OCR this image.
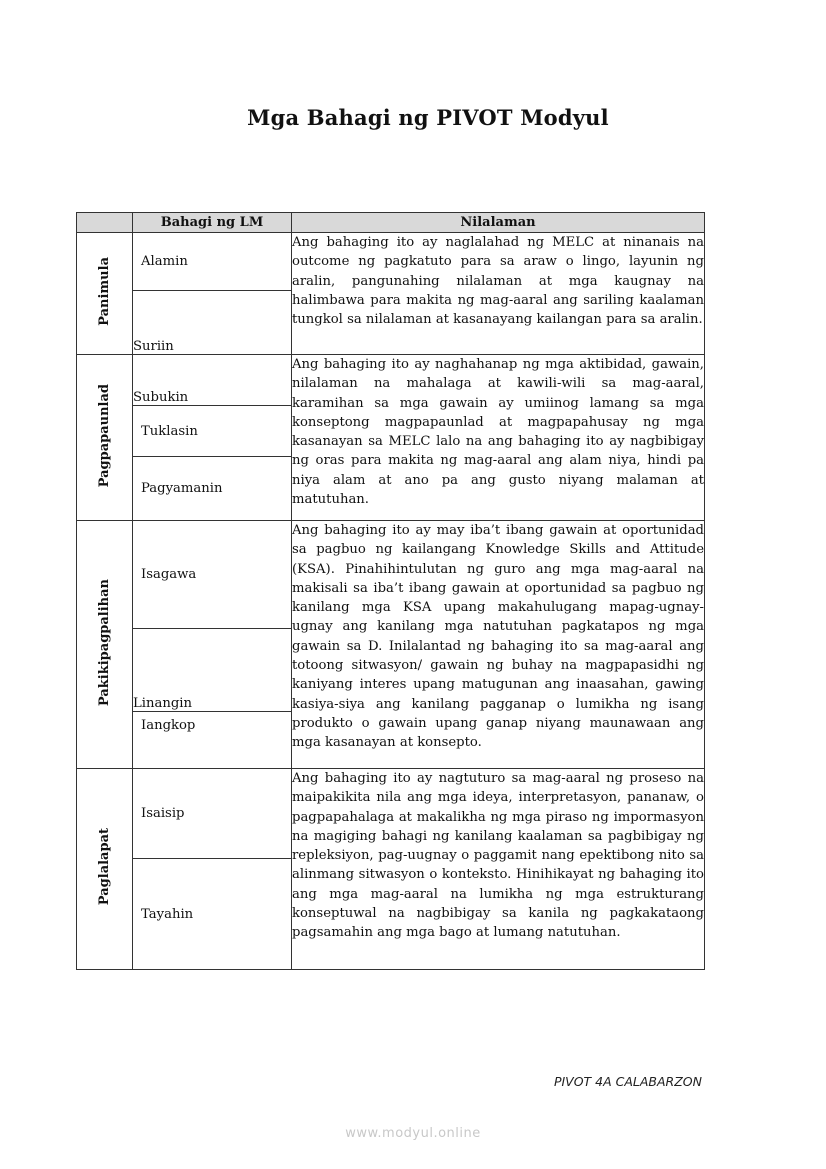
Mga Bahagi ng PIVOT Modyul
	Bahagi ng LM	Nilalaman
Panimula	Alamin	Ang bahaging ito ay naglalahad ng MELC at ninanais na outcome ng pagkatuto para sa araw o lingo, layunin ng aralin, pangunahing nilalaman at mga kaugnay na halimbawa para makita ng mag-aaral ang sariling kaalaman tungkol sa nilalaman at kasanayang kailangan para sa aralin.
	Suriin	
Pagpapaunlad	Subukin	Ang bahaging ito ay naghahanap ng mga aktibidad, gawain, nilalaman na mahalaga at kawili-wili sa mag-aaral, karamihan sa mga gawain ay umiinog lamang sa mga konseptong magpapaunlad at magpapahusay ng mga kasanayan sa MELC lalo na ang bahaging ito ay nagbibigay ng oras para makita ng mag-aaral ang alam niya, hindi pa niya alam at ano pa ang gusto niyang malaman at matutuhan.
	Tuklasin	
	Pagyamanin	
Pakikipagpalihan	Isagawa	Ang bahaging ito ay may iba’t ibang gawain at oportunidad sa pagbuo ng kailangang Knowledge Skills and Attitude (KSA). Pinahihintulutan ng guro ang mga mag-aaral na makisali sa iba’t ibang gawain at oportunidad sa pagbuo ng kanilang mga KSA upang makahulugang mapag-ugnay-ugnay ang kanilang mga natutuhan pagkatapos ng mga gawain sa D. Inilalantad ng bahaging ito sa mag-aaral ang totoong sitwasyon/ gawain ng buhay na magpapasidhi ng kaniyang interes upang matugunan ang inaasahan, gawing kasiya-siya ang kanilang pagganap o lumikha ng isang produkto o gawain upang ganap niyang maunawaan ang mga kasanayan at konsepto.
	Linangin	
	Iangkop	
Paglalapat	Isaisip	Ang bahaging ito ay nagtuturo sa mag-aaral ng proseso na maipakikita nila ang mga ideya, interpretasyon, pananaw, o pagpapahalaga at makalikha ng mga piraso ng impormasyon na magiging bahagi ng kanilang kaalaman sa pagbibigay ng repleksiyon, pag-uugnay o paggamit nang epektibong nito sa alinmang sitwasyon o konteksto. Hinihikayat ng bahaging ito ang mga mag-aaral na lumikha ng mga estrukturang konseptuwal na nagbibigay sa kanila ng pagkakataong pagsamahin ang mga bago at lumang natutuhan.
	Tayahin	
PIVOT 4A CALABARZON
www.modyul.online
